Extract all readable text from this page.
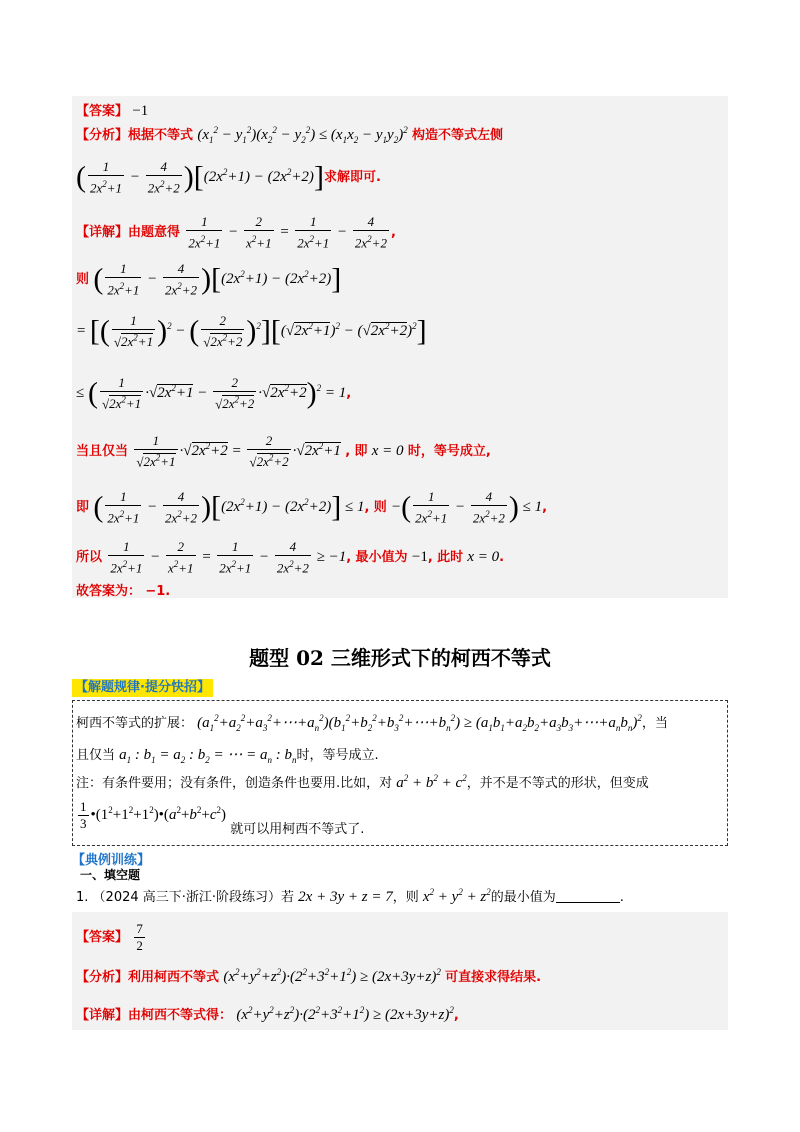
【答案】 −1
【分析】根据不等式 $(x_1^2 - y_1^2)(x_2^2 - y_2^2) \le (x_1x_2 - y_1y_2)^2$ 构造不等式左侧
( $\frac{1}{2x^2+1} - \frac{4}{2x^2+2} )[(2x^2+1) - (2x^2+2)]$求解即可.
【详解】由题意得 $\frac{1}{2x^2+1} - \frac{2}{x^2+1} = \frac{1}{2x^2+1} - \frac{4}{2x^2+2}$ ,
则 ( $\frac{1}{2x^2+1} - \frac{4}{2x^2+2} )[(2x^2+1) - (2x^2+2)]$
= [( $\frac{1}{√2x^2+1} )^2$ − ( $\frac{2}{√2x^2+2} )^2][(√2x^2+1)^2 - (√2x^2+2)^2]$
≤ ( $\frac{1}{√2x^2+1} \cdot√2x^2+1 - \frac{2}{√2x^2+2} \cdot√2x^2+2)^2 = 1$,
当且仅当 $\frac{1}{√2x^2+1} \cdot√2x^2+2 = \frac{2}{√2x^2+2} \cdot√2x^2+1$ , 即 x = 0 时，等号成立,
即 ( $\frac{1}{2x^2+1} - \frac{4}{2x^2+2} )[(2x^2+1) - (2x^2+2)] \le 1$, 则 −( $\frac{1}{2x^2+1} - \frac{4}{2x^2+2}$ ) ≤ 1,
所以 $\frac{1}{2x^2+1} - \frac{2}{x^2+1} = \frac{1}{2x^2+1} - \frac{4}{2x^2+2} \ge -1$, 最小值为 −1, 此时 x = 0.
故答案为： −1.
题型 02 三维形式下的柯西不等式
【解题规律·提分快招】
柯西不等式的扩展： $(a_1^2+a_2^2+a_3^2+\cdots+a_n^2)(b_1^2+b_2^2+b_3^2+\cdots+b_n^2)$ ≥ $(a_1b_1+a_2b_2+a_3b_3+\cdots+a_nb_n)^2$，当
且仅当 $a_1$ : $b_1 = a_2$ : $b_2$ = ⋯ = $a_n$ : $b_n$时，等号成立.
注：有条件要用；没有条件，创造条件也要用.比如，对 $a^2 + b^2 + c^2$，并不是不等式的形状，但变成
$\frac{1}{3}$ $•(1^2+1^2+1^2)•(a^2+b^2+c^2)$ 就可以用柯西不等式了.
【典例训练】
一、填空题
1. （2024 高三下·浙江·阶段练习）若 2x + 3y + z = 7，则 $x^2 + y^2 + z^2$的最小值为	.
【答案】 $\frac{7}{2}$
【分析】利用柯西不等式 $(x^2+y^2+z^2)\cdot(2^2+3^2+1^2) \ge (2x+3y+z)^2$ 可直接求得结果.
【详解】由柯西不等式得： $(x^2+y^2+z^2)\cdot(2^2+3^2+1^2) \ge (2x+3y+z)^2$,
